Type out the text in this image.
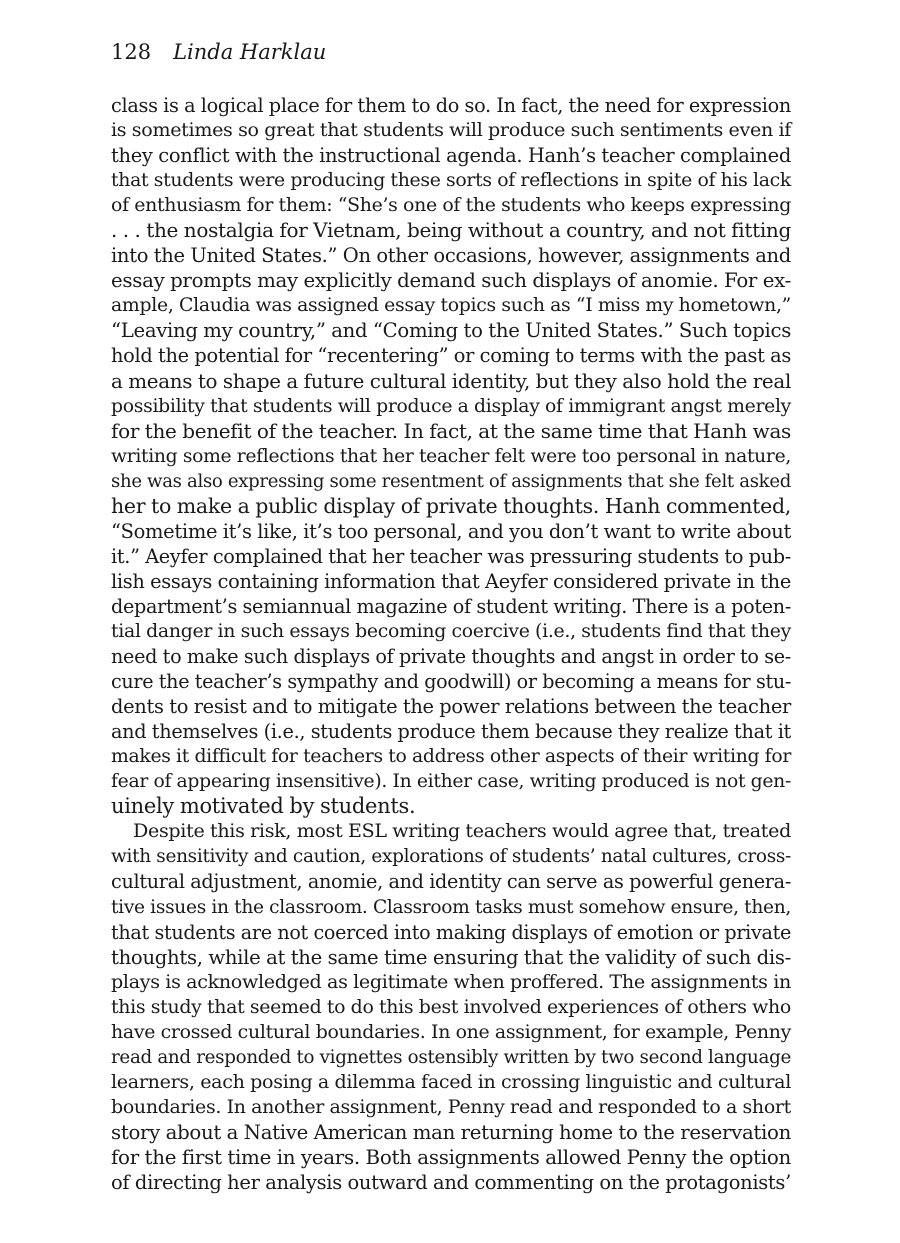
128 Linda Harklau
class is a logical place for them to do so. In fact, the need for expression
is sometimes so great that students will produce such sentiments even if
they conflict with the instructional agenda. Hanh’s teacher complained
that students were producing these sorts of reflections in spite of his lack
of enthusiasm for them: “She’s one of the students who keeps expressing
. . . the nostalgia for Vietnam, being without a country, and not fitting
into the United States.” On other occasions, however, assignments and
essay prompts may explicitly demand such displays of anomie. For ex-
ample, Claudia was assigned essay topics such as “I miss my hometown,”
“Leaving my country,” and “Coming to the United States.” Such topics
hold the potential for “recentering” or coming to terms with the past as
a means to shape a future cultural identity, but they also hold the real
possibility that students will produce a display of immigrant angst merely
for the benefit of the teacher. In fact, at the same time that Hanh was
writing some reflections that her teacher felt were too personal in nature,
she was also expressing some resentment of assignments that she felt asked
her to make a public display of private thoughts. Hanh commented,
“Sometime it’s like, it’s too personal, and you don’t want to write about
it.” Aeyfer complained that her teacher was pressuring students to pub-
lish essays containing information that Aeyfer considered private in the
department’s semiannual magazine of student writing. There is a poten-
tial danger in such essays becoming coercive (i.e., students find that they
need to make such displays of private thoughts and angst in order to se-
cure the teacher’s sympathy and goodwill) or becoming a means for stu-
dents to resist and to mitigate the power relations between the teacher
and themselves (i.e., students produce them because they realize that it
makes it difficult for teachers to address other aspects of their writing for
fear of appearing insensitive). In either case, writing produced is not gen-
uinely motivated by students.
Despite this risk, most ESL writing teachers would agree that, treated
with sensitivity and caution, explorations of students’ natal cultures, cross-
cultural adjustment, anomie, and identity can serve as powerful genera-
tive issues in the classroom. Classroom tasks must somehow ensure, then,
that students are not coerced into making displays of emotion or private
thoughts, while at the same time ensuring that the validity of such dis-
plays is acknowledged as legitimate when proffered. The assignments in
this study that seemed to do this best involved experiences of others who
have crossed cultural boundaries. In one assignment, for example, Penny
read and responded to vignettes ostensibly written by two second language
learners, each posing a dilemma faced in crossing linguistic and cultural
boundaries. In another assignment, Penny read and responded to a short
story about a Native American man returning home to the reservation
for the first time in years. Both assignments allowed Penny the option
of directing her analysis outward and commenting on the protagonists’
